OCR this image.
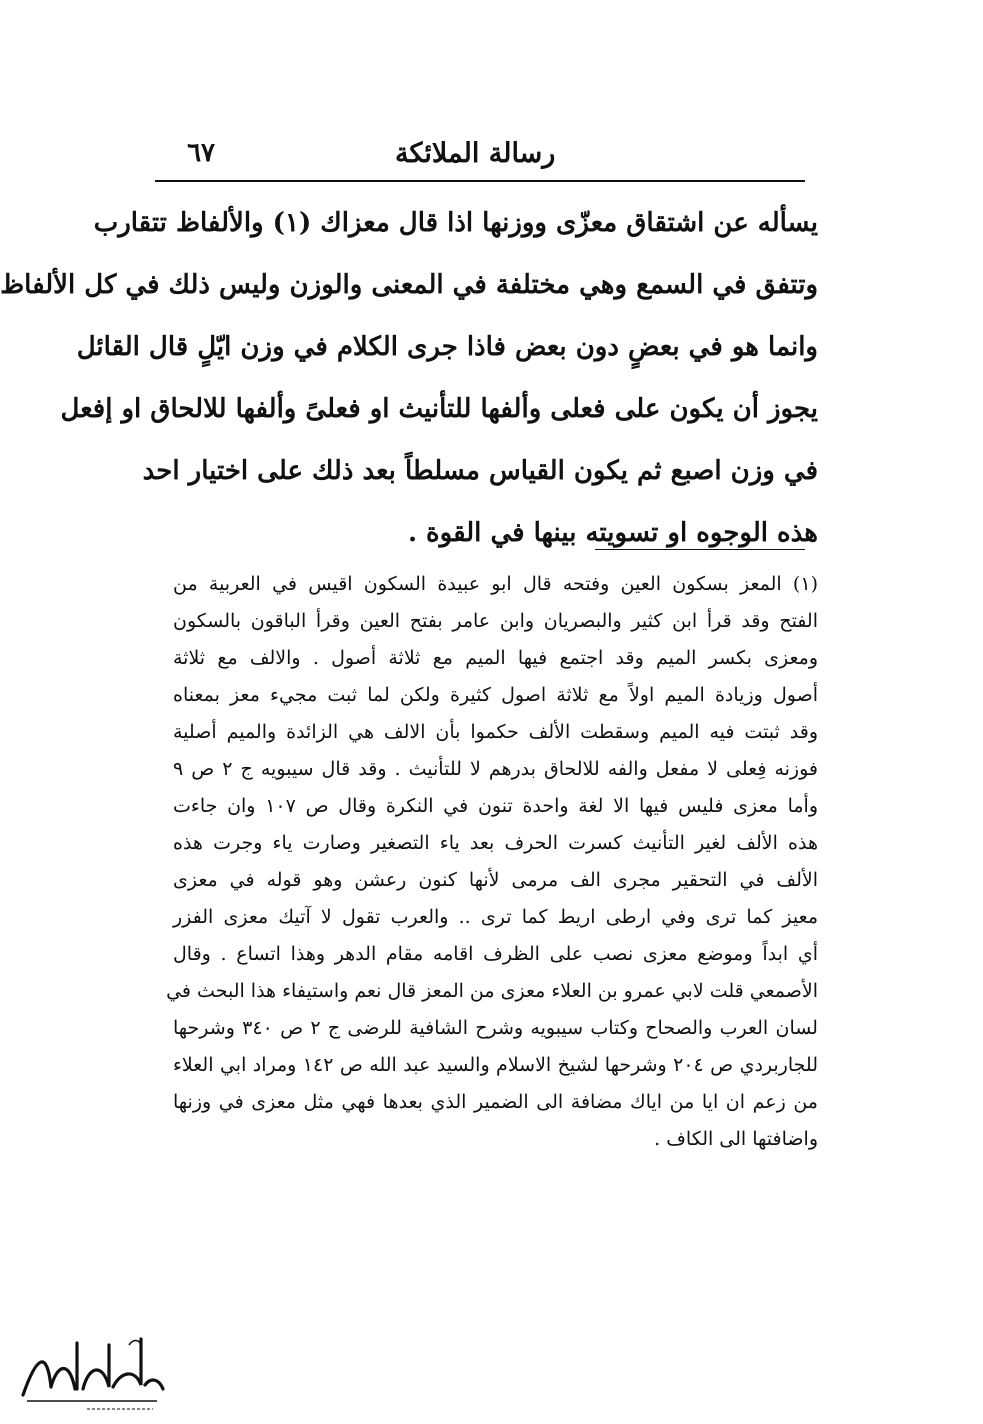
٦٧	رسالة الملائكة
يسأله عن اشتقاق معزّى ووزنها اذا قال معزاك (١) والألفاظ تتقارب
وتتفق في السمع وهي مختلفة في المعنى والوزن وليس ذلك في كل الألفاظ
وانما هو في بعضٍ دون بعض فاذا جرى الكلام في وزن ايّلٍ قال القائل
يجوز أن يكون على فعلى وألفها للتأنيث او فعلىً وألفها للالحاق او إفعل
في وزن اصبع ثم يكون القياس مسلطاً بعد ذلك على اختيار احد
هذه الوجوه او تسويته بينها في القوة .
(١) المعز بسكون العين وفتحه قال ابو عبيدة السكون اقيس في العربية من
الفتح وقد قرأ ابن كثير والبصريان وابن عامر بفتح العين وقرأ الباقون بالسكون
ومعزى بكسر الميم وقد اجتمع فيها الميم مع ثلاثة أصول . والالف مع ثلاثة
أصول وزيادة الميم اولاً مع ثلاثة اصول كثيرة ولكن لما ثبت مجيء معز بمعناه
وقد ثبتت فيه الميم وسقطت الألف حكموا بأن الالف هي الزائدة والميم أصلية
فوزنه فِعلى لا مفعل والفه للالحاق بدرهم لا للتأنيث . وقد قال سيبويه ج ٢ ص ٩
وأما معزى فليس فيها الا لغة واحدة تنون في النكرة وقال ص ١٠٧ وان جاءت
هذه الألف لغير التأنيث كسرت الحرف بعد ياء التصغير وصارت ياء وجرت هذه
الألف في التحقير مجرى الف مرمى لأنها كنون رعشن وهو قوله في معزى
معيز كما ترى وفي ارطى اريط كما ترى .. والعرب تقول لا آتيك معزى الفزر
أي ابداً وموضع معزى نصب على الظرف اقامه مقام الدهر وهذا اتساع . وقال
الأصمعي قلت لابي عمرو بن العلاء معزى من المعز قال نعم واستيفاء هذا البحث في
لسان العرب والصحاح وكتاب سيبويه وشرح الشافية للرضى ج ٢ ص ٣٤٠ وشرحها
للجاربردي ص ٢٠٤ وشرحها لشيخ الاسلام والسيد عبد الله ص ١٤٢ ومراد ابي العلاء
من زعم ان ايا من اياك مضافة الى الضمير الذي بعدها فهي مثل معزى في وزنها
واضافتها الى الكاف .
